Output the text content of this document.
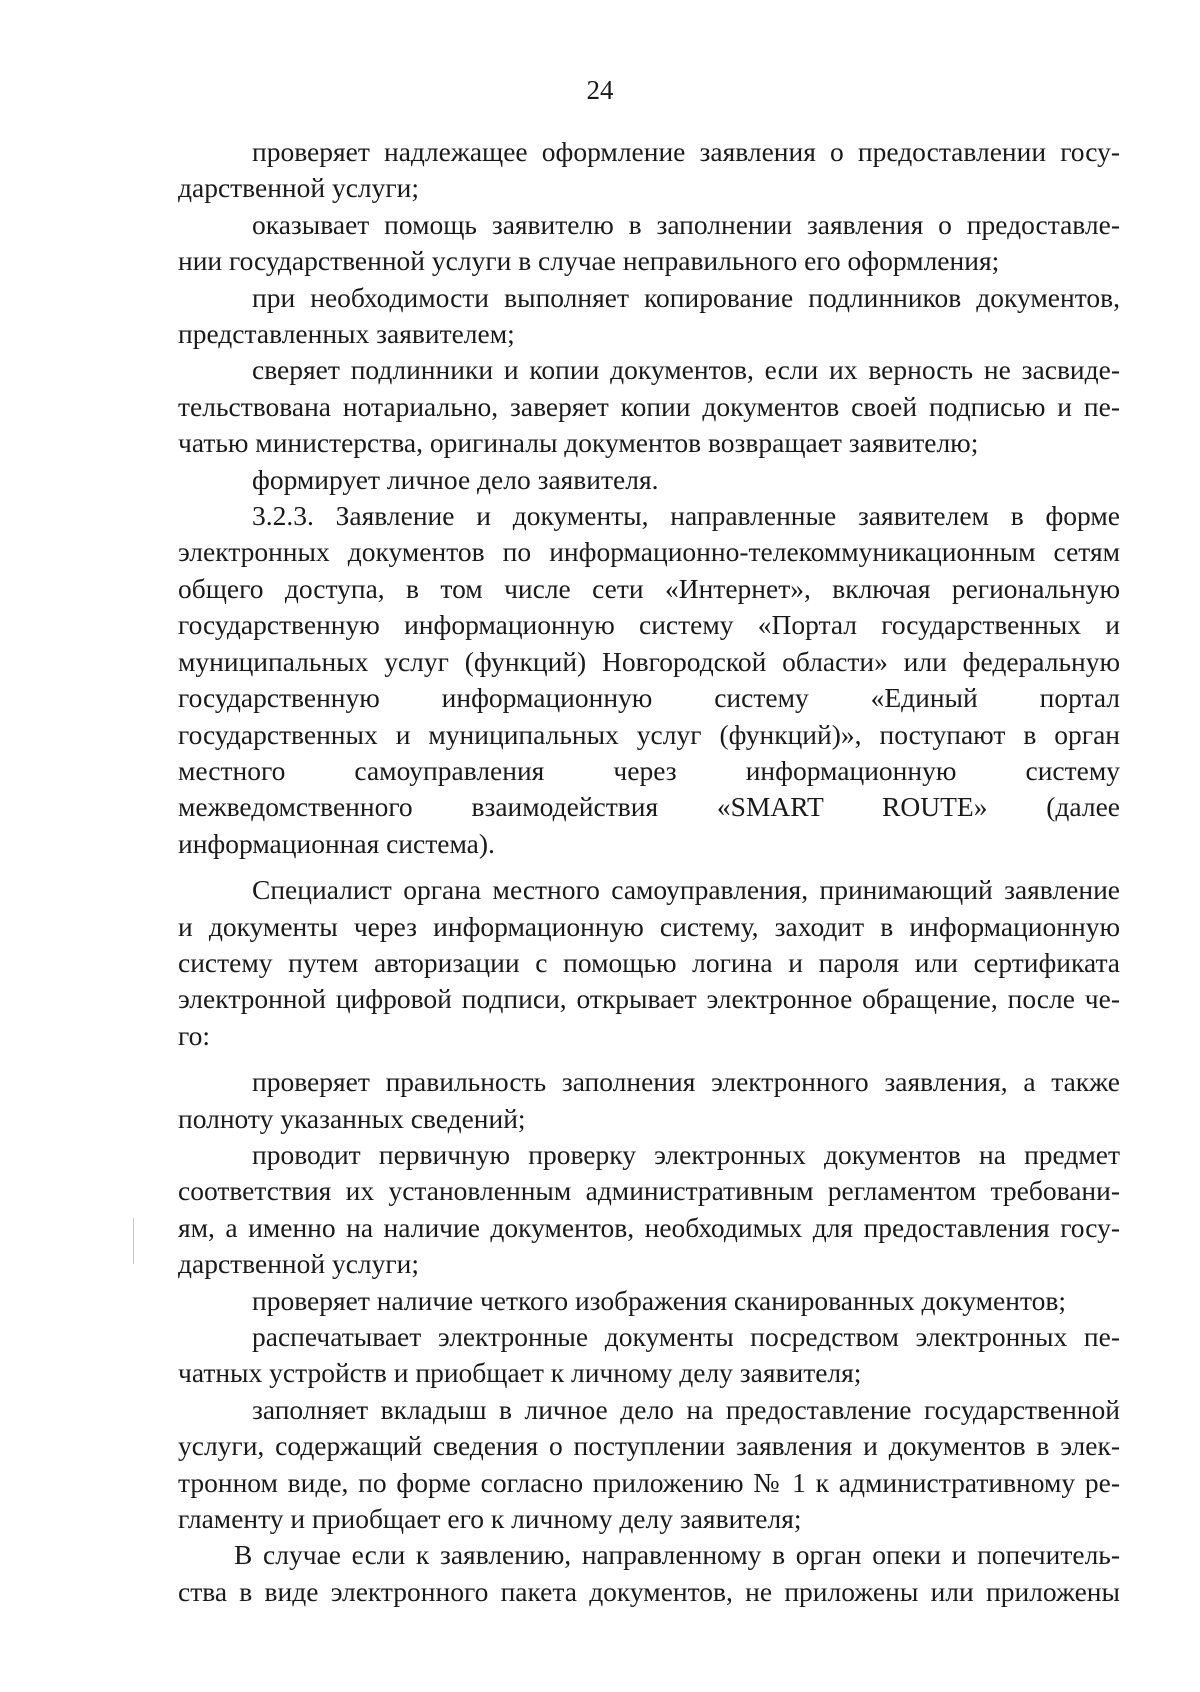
24

проверяет надлежащее оформление заявления о предоставлении госу-
дарственной услуги;

оказывает помощь заявителю в заполнении заявления о предоставле-
нии государственной услуги в случае неправильного его оформления;

при необходимости выполняет копирование подлинников документов,
представленных заявителем;

сверяет подлинники и копии документов, если их верность не засвиде-
тельствована нотариально, заверяет копии документов своей подписью и пе-
чатью министерства, оригиналы документов возвращает заявителю;

формирует личное дело заявителя.

3.2.3. Заявление и документы, направленные заявителем в форме
электронных документов по информационно-телекоммуникационным сетям
общего доступа, в том числе сети «Интернет», включая региональную
государственную информационную систему «Портал государственных и
муниципальных услуг (функций) Новгородской области» или федеральную
государственную информационную систему «Единый портал
государственных и муниципальных услуг (функций)», поступают в орган
местного самоуправления через информационную систему
межведомственного взаимодействия «SMART ROUTE» (далее
информационная система).

Специалист органа местного самоуправления, принимающий заявление
и документы через информационную систему, заходит в информационную
систему путем авторизации с помощью логина и пароля или сертификата
электронной цифровой подписи, открывает электронное обращение, после че-
го:

проверяет правильность заполнения электронного заявления, а также
полноту указанных сведений;

проводит первичную проверку электронных документов на предмет
соответствия их установленным административным регламентом требовани-
ям, а именно на наличие документов, необходимых для предоставления госу-
дарственной услуги;

проверяет наличие четкого изображения сканированных документов;

распечатывает электронные документы посредством электронных пе-
чатных устройств и приобщает к личному делу заявителя;

заполняет вкладыш в личное дело на предоставление государственной
услуги, содержащий сведения о поступлении заявления и документов в элек-
тронном виде, по форме согласно приложению № 1 к административному ре-
гламенту и приобщает его к личному делу заявителя;

В случае если к заявлению, направленному в орган опеки и попечитель-
ства в виде электронного пакета документов, не приложены или приложены
